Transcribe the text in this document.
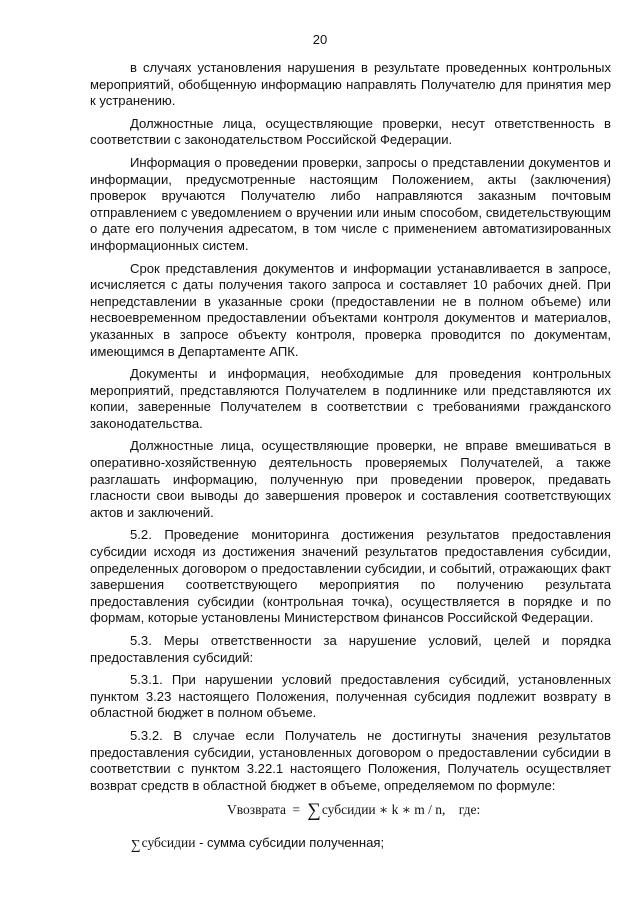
20

в случаях установления нарушения в результате проведенных контрольных мероприятий, обобщенную информацию направлять Получателю для принятия мер к устранению.

Должностные лица, осуществляющие проверки, несут ответственность в соответствии с законодательством Российской Федерации.

Информация о проведении проверки, запросы о представлении документов и информации, предусмотренные настоящим Положением, акты (заключения) проверок вручаются Получателю либо направляются заказным почтовым отправлением с уведомлением о вручении или иным способом, свидетельствующим о дате его получения адресатом, в том числе с применением автоматизированных информационных систем.

Срок представления документов и информации устанавливается в запросе, исчисляется с даты получения такого запроса и составляет 10 рабочих дней. При непредставлении в указанные сроки (предоставлении не в полном объеме) или несвоевременном предоставлении объектами контроля документов и материалов, указанных в запросе объекту контроля, проверка проводится по документам, имеющимся в Департаменте АПК.

Документы и информация, необходимые для проведения контрольных мероприятий, представляются Получателем в подлиннике или представляются их копии, заверенные Получателем в соответствии с требованиями гражданского законодательства.

Должностные лица, осуществляющие проверки, не вправе вмешиваться в оперативно-хозяйственную деятельность проверяемых Получателей, а также разглашать информацию, полученную при проведении проверок, предавать гласности свои выводы до завершения проверок и составления соответствующих актов и заключений.

5.2. Проведение мониторинга достижения результатов предоставления субсидии исходя из достижения значений результатов предоставления субсидии, определенных договором о предоставлении субсидии, и событий, отражающих факт завершения соответствующего мероприятия по получению результата предоставления субсидии (контрольная точка), осуществляется в порядке и по формам, которые установлены Министерством финансов Российской Федерации.

5.3. Меры ответственности за нарушение условий, целей и порядка предоставления субсидий:

5.3.1. При нарушении условий предоставления субсидий, установленных пунктом 3.23 настоящего Положения, полученная субсидия подлежит возврату в областной бюджет в полном объеме.

5.3.2. В случае если Получатель не достигнуты значения результатов предоставления субсидии, установленных договором о предоставлении субсидии в соответствии с пунктом 3.22.1 настоящего Положения, Получатель осуществляет возврат средств в областной бюджет в объеме, определяемом по формуле:

Vвозврата = ∑субсидии ∗ k ∗ m / n, где:
∑субсидии - сумма субсидии полученная;
